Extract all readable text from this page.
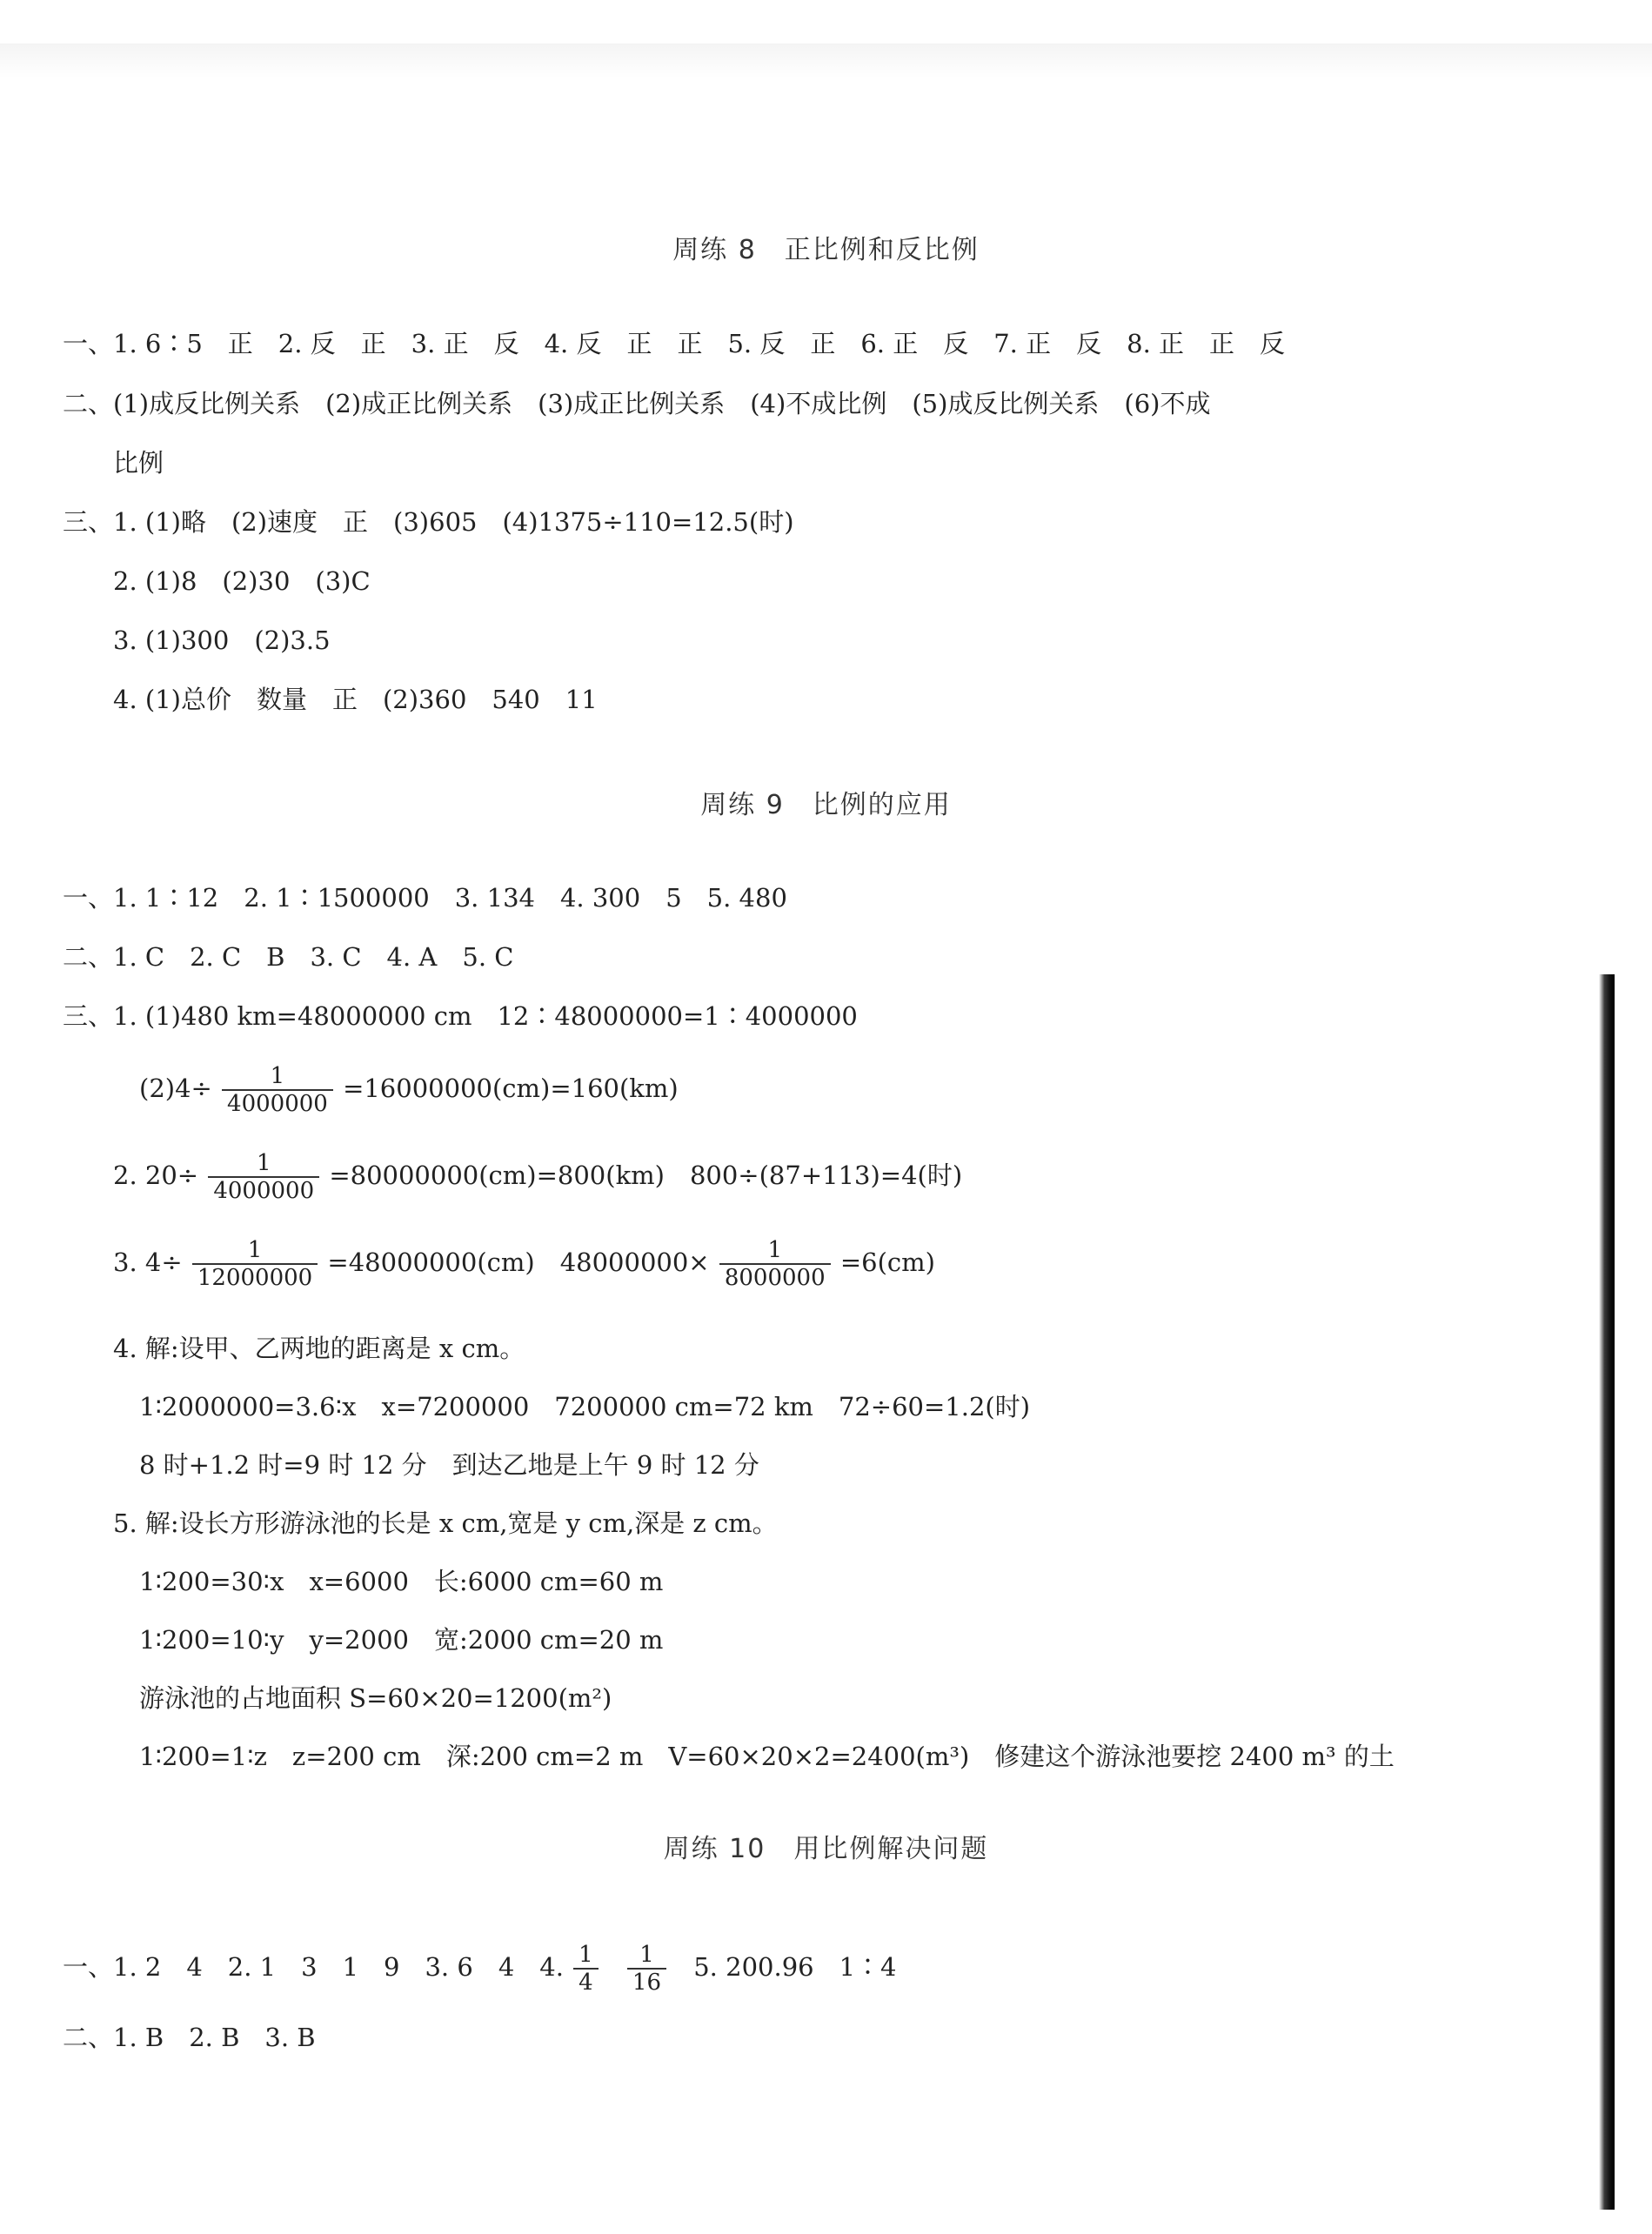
周练 8　正比例和反比例
一、1. 6∶5　正　2. 反　正　3. 正　反　4. 反　正　正　5. 反　正　6. 正　反　7. 正　反　8. 正　正　反
二、(1)成反比例关系　(2)成正比例关系　(3)成正比例关系　(4)不成比例　(5)成反比例关系　(6)不成
比例
三、1. (1)略　(2)速度　正　(3)605　(4)1375÷110=12.5(时)
2. (1)8　(2)30　(3)C
3. (1)300　(2)3.5
4. (1)总价　数量　正　(2)360　540　11
周练 9　比例的应用
一、1. 1∶12　2. 1∶1500000　3. 134　4. 300　5　5. 480
二、1. C　2. C　B　3. C　4. A　5. C
三、1. (1)480 km=48000000 cm　12∶48000000=1∶4000000
$(2)4\div \frac{1}{4000000} =16000000(cm)=160(km)$
2. $20\div \frac{1}{4000000} =80000000(cm)=800(km)$　800÷(87+113)=4(时)
3. $4\div \frac{1}{12000000} =48000000(cm)$　$48000000\times \frac{1}{8000000} =6(cm)$
4. 解:设甲、乙两地的距离是 x cm。
1∶2000000=3.6∶x　x=7200000　7200000 cm=72 km　72÷60=1.2(时)
8 时+1.2 时=9 时 12 分　到达乙地是上午 9 时 12 分
5. 解:设长方形游泳池的长是 x cm,宽是 y cm,深是 z cm。
1∶200=30∶x　x=6000　长:6000 cm=60 m
1∶200=10∶y　y=2000　宽:2000 cm=20 m
游泳池的占地面积 S=60×20=1200(m²)
1∶200=1∶z　z=200 cm　深:200 cm=2 m　V=60×20×2=2400(m³)　修建这个游泳池要挖 2400 m³ 的土
周练 10　用比例解决问题
一、1. 2　4　2. 1　3　1　9　3. 6　4　4. $\frac{1}{4}$
$\frac{1}{16} 5$. 200.96　1∶4
二、1. B　2. B　3. B
